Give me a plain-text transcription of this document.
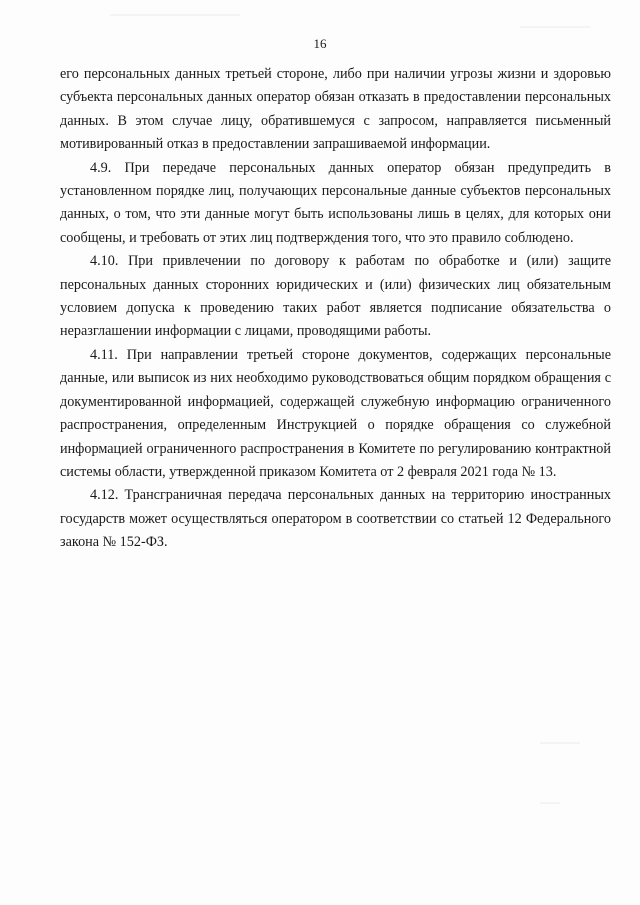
16

его персональных данных третьей стороне, либо при наличии угрозы жизни и здоровью субъекта персональных данных оператор обязан отказать в предоставлении персональных данных. В этом случае лицу, обратившемуся с запросом, направляется письменный мотивированный отказ в предоставлении запрашиваемой информации.

4.9. При передаче персональных данных оператор обязан предупредить в установленном порядке лиц, получающих персональные данные субъектов персональных данных, о том, что эти данные могут быть использованы лишь в целях, для которых они сообщены, и требовать от этих лиц подтверждения того, что это правило соблюдено.

4.10. При привлечении по договору к работам по обработке и (или) защите персональных данных сторонних юридических и (или) физических лиц обязательным условием допуска к проведению таких работ является подписание обязательства о неразглашении информации с лицами, проводящими работы.

4.11. При направлении третьей стороне документов, содержащих персональные данные, или выписок из них необходимо руководствоваться общим порядком обращения с документированной информацией, содержащей служебную информацию ограниченного распространения, определенным Инструкцией о порядке обращения со служебной информацией ограниченного распространения в Комитете по регулированию контрактной системы области, утвержденной приказом Комитета от 2 февраля 2021 года № 13.

4.12. Трансграничная передача персональных данных на территорию иностранных государств может осуществляться оператором в соответствии со статьей 12 Федерального закона № 152-ФЗ.
